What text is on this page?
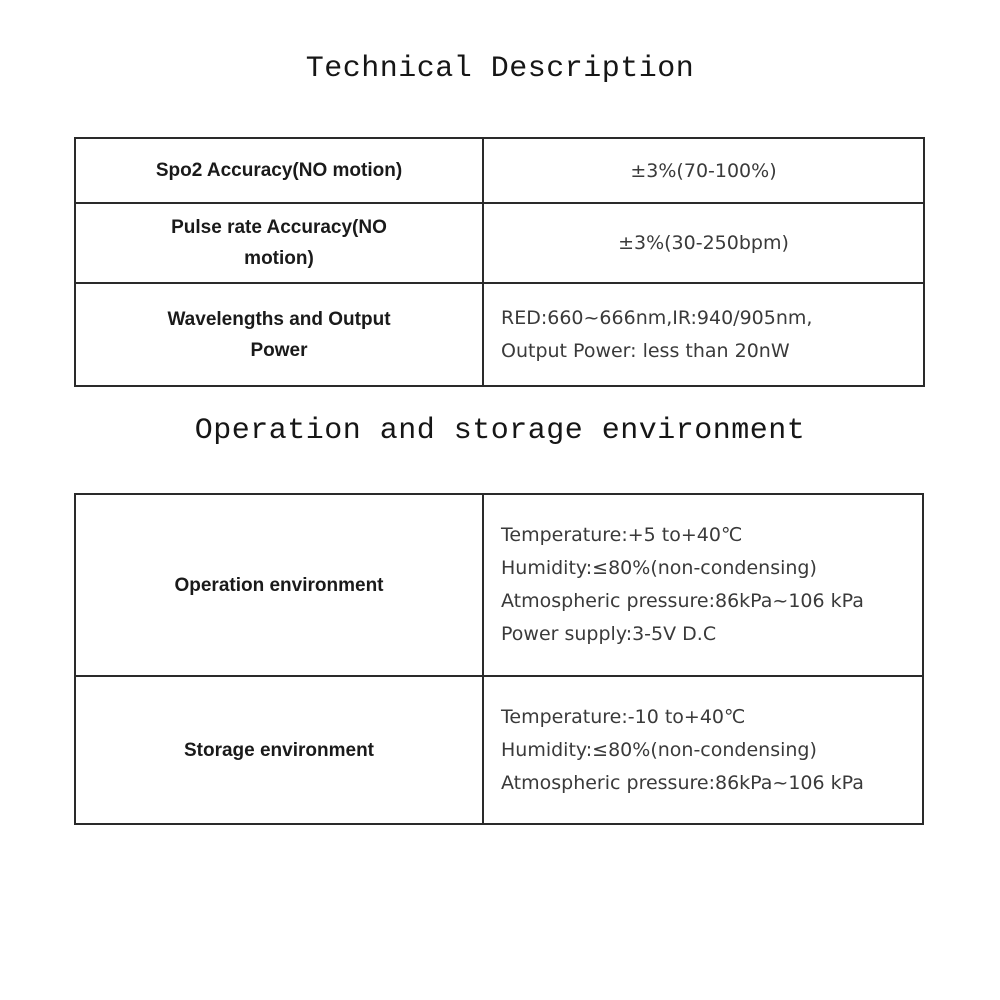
Technical Description
Spo2 Accuracy(NO motion)	±3%(70-100%)

Pulse rate Accuracy(NO
motion)	±3%(30-250bpm)

Wavelengths and Output
Power	RED:660~666nm,IR:940/905nm,
Output Power: less than 20nW
Operation and storage environment
Operation environment	Temperature:+5 to+40℃
Humidity:≤80%(non-condensing)
Atmospheric pressure:86kPa~106 kPa
Power supply:3-5V D.C

Storage environment	Temperature:-10 to+40℃
Humidity:≤80%(non-condensing)
Atmospheric pressure:86kPa~106 kPa
